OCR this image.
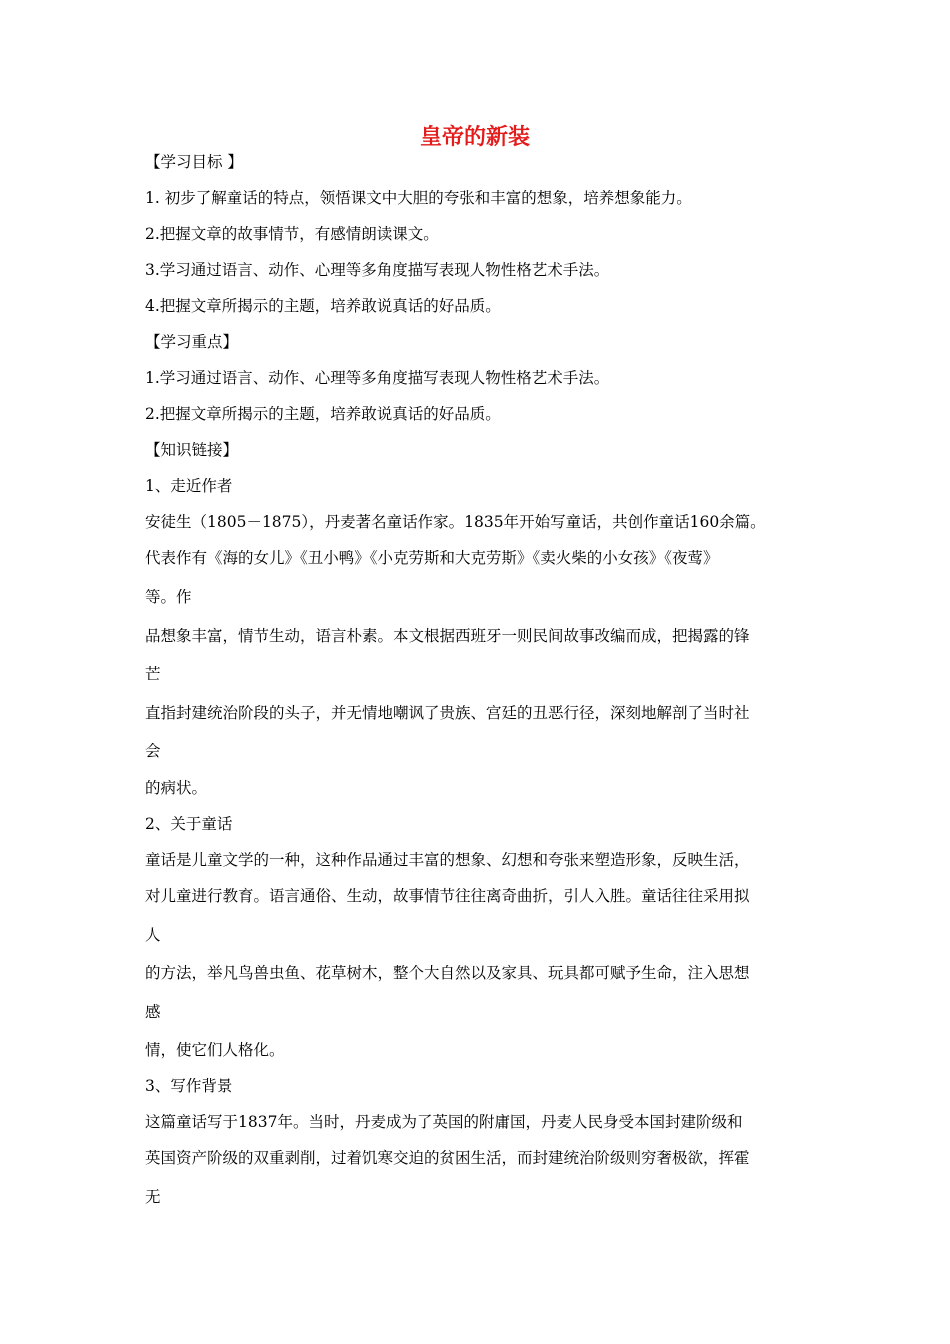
皇帝的新装

【学习目标 】

1. 初步了解童话的特点，领悟课文中大胆的夸张和丰富的想象，培养想象能力。

2.把握文章的故事情节，有感情朗读课文。

3.学习通过语言、动作、心理等多角度描写表现人物性格艺术手法。

4.把握文章所揭示的主题，培养敢说真话的好品质。

【学习重点】

1.学习通过语言、动作、心理等多角度描写表现人物性格艺术手法。

2.把握文章所揭示的主题，培养敢说真话的好品质。

【知识链接】

1、走近作者

安徒生（1805－1875），丹麦著名童话作家。1835年开始写童话，共创作童话160余篇。

代表作有《海的女儿》《丑小鸭》《小克劳斯和大克劳斯》《卖火柴的小女孩》《夜莺》

等。作

品想象丰富，情节生动，语言朴素。本文根据西班牙一则民间故事改编而成，把揭露的锋

芒

直指封建统治阶段的头子，并无情地嘲讽了贵族、宫廷的丑恶行径，深刻地解剖了当时社

会

的病状。

2、关于童话

童话是儿童文学的一种，这种作品通过丰富的想象、幻想和夸张来塑造形象，反映生活，

对儿童进行教育。语言通俗、生动，故事情节往往离奇曲折，引人入胜。童话往往采用拟

人

的方法，举凡鸟兽虫鱼、花草树木，整个大自然以及家具、玩具都可赋予生命，注入思想

感

情，使它们人格化。

3、写作背景

这篇童话写于1837年。当时，丹麦成为了英国的附庸国，丹麦人民身受本国封建阶级和

英国资产阶级的双重剥削，过着饥寒交迫的贫困生活，而封建统治阶级则穷奢极欲，挥霍

无
